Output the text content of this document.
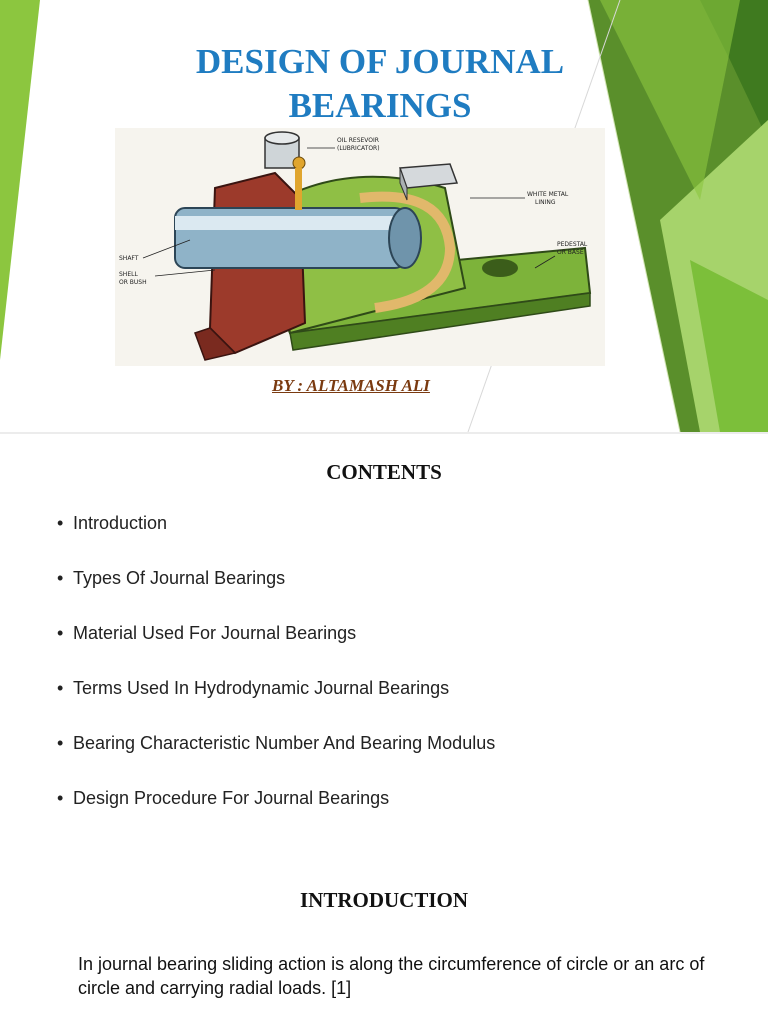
DESIGN OF JOURNAL
BEARINGS
OIL RESEVOIR
(LUBRICATOR)
WHITE METAL
LINING
SHAFT
SHELL
OR BUSH
PEDESTAL
OR BASE
BY : ALTAMASH ALI
CONTENTS
• Introduction
• Types Of Journal Bearings
• Material Used For Journal Bearings
• Terms Used In Hydrodynamic Journal Bearings
• Bearing Characteristic Number And Bearing Modulus
• Design Procedure For Journal Bearings
INTRODUCTION
In journal bearing sliding action is along the circumference of circle or an arc of circle and carrying radial loads. [1]
